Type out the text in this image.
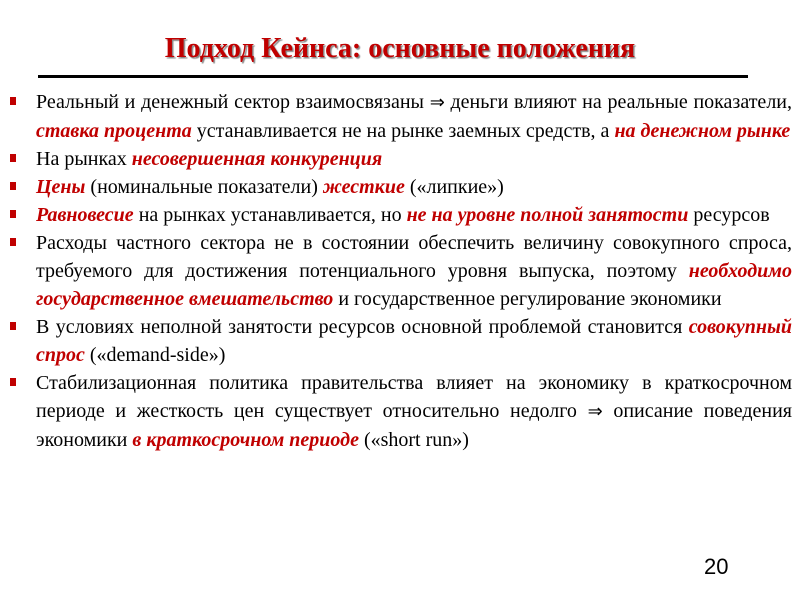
Подход Кейнса: основные положения
Реальный и денежный сектор взаимосвязаны ⇒ деньги влияют на реальные показатели, ставка процента устанавливается не на рынке заемных средств, а на денежном рынке
На рынках несовершенная конкуренция
Цены (номинальные показатели) жесткие («липкие»)
Равновесие на рынках устанавливается, но не на уровне полной занятости ресурсов
Расходы частного сектора не в состоянии обеспечить величину совокупного спроса, требуемого для достижения потенциального уровня выпуска, поэтому необходимо государственное вмешательство и государственное регулирование экономики
В условиях неполной занятости ресурсов основной проблемой становится совокупный спрос («demand-side»)
Стабилизационная политика правительства влияет на экономику в краткосрочном периоде и жесткость цен существует относительно недолго ⇒ описание поведения экономики в краткосрочном периоде («short run»)
20
